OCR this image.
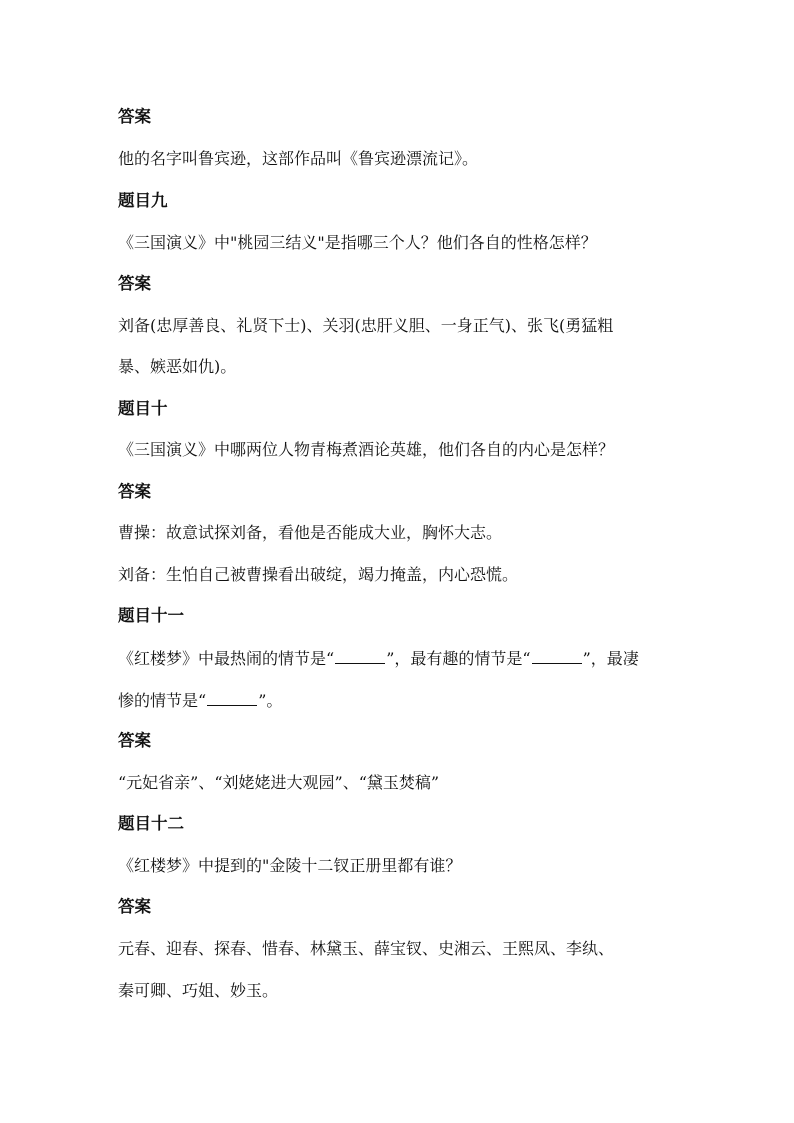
答案
他的名字叫鲁宾逊，这部作品叫《鲁宾逊漂流记》。
题目九
《三国演义》中"桃园三结义"是指哪三个人？他们各自的性格怎样？
答案
刘备(忠厚善良、礼贤下士)、关羽(忠肝义胆、一身正气)、张飞(勇猛粗
暴、嫉恶如仇)。
题目十
《三国演义》中哪两位人物青梅煮酒论英雄，他们各自的内心是怎样？
答案
曹操：故意试探刘备，看他是否能成大业，胸怀大志。
刘备：生怕自己被曹操看出破绽，竭力掩盖，内心恐慌。
题目十一
《红楼梦》中最热闹的情节是“	”，最有趣的情节是“	”，最凄
惨的情节是“	”。
答案
“元妃省亲”、“刘姥姥进大观园”、“黛玉焚稿”
题目十二
《红楼梦》中提到的"金陵十二钗正册里都有谁？
答案
元春、迎春、探春、惜春、林黛玉、薛宝钗、史湘云、王熙凤、李纨、
秦可卿、巧姐、妙玉。
